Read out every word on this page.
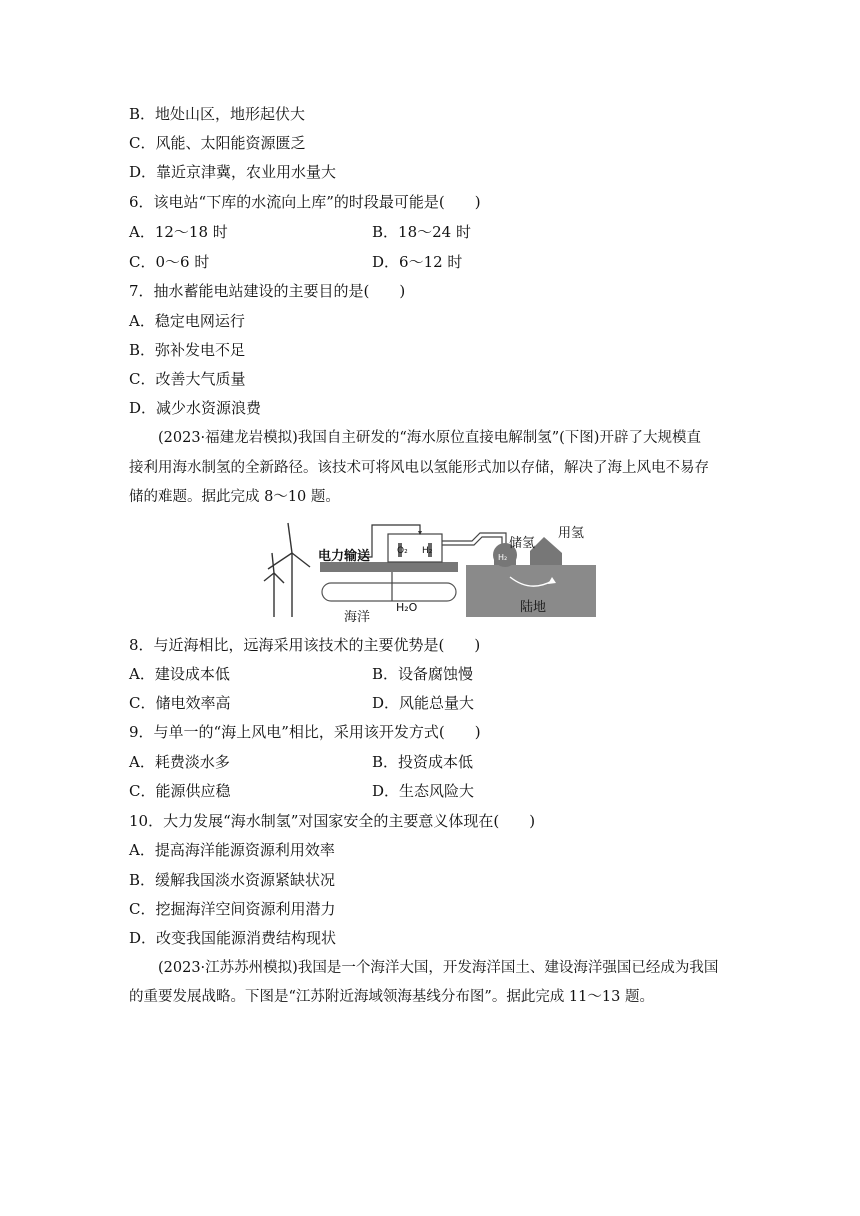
B．地处山区，地形起伏大
C．风能、太阳能资源匮乏
D．靠近京津冀，农业用水量大
6．该电站“下库的水流向上库”的时段最可能是(　　)
A．12～18 时	B．18～24 时
C．0～6 时	D．6～12 时
7．抽水蓄能电站建设的主要目的是(　　)
A．稳定电网运行
B．弥补发电不足
C．改善大气质量
D．减少水资源浪费
(2023·福建龙岩模拟)我国自主研发的“海水原位直接电解制氢”(下图)开辟了大规模直
接利用海水制氢的全新路径。该技术可将风电以氢能形式加以存储，解决了海上风电不易存
储的难题。据此完成 8～10 题。
电力输送	O₂ H₂	储氢
用氢
H₂
海洋
H₂O	陆地
8．与近海相比，远海采用该技术的主要优势是(　　)
A．建设成本低	B．设备腐蚀慢
C．储电效率高	D．风能总量大
9．与单一的“海上风电”相比，采用该开发方式(　　)
A．耗费淡水多	B．投资成本低
C．能源供应稳	D．生态风险大
10．大力发展“海水制氢”对国家安全的主要意义体现在(　　)
A．提高海洋能源资源利用效率
B．缓解我国淡水资源紧缺状况
C．挖掘海洋空间资源利用潜力
D．改变我国能源消费结构现状
(2023·江苏苏州模拟)我国是一个海洋大国，开发海洋国土、建设海洋强国已经成为我国
的重要发展战略。下图是“江苏附近海域领海基线分布图”。据此完成 11～13 题。
